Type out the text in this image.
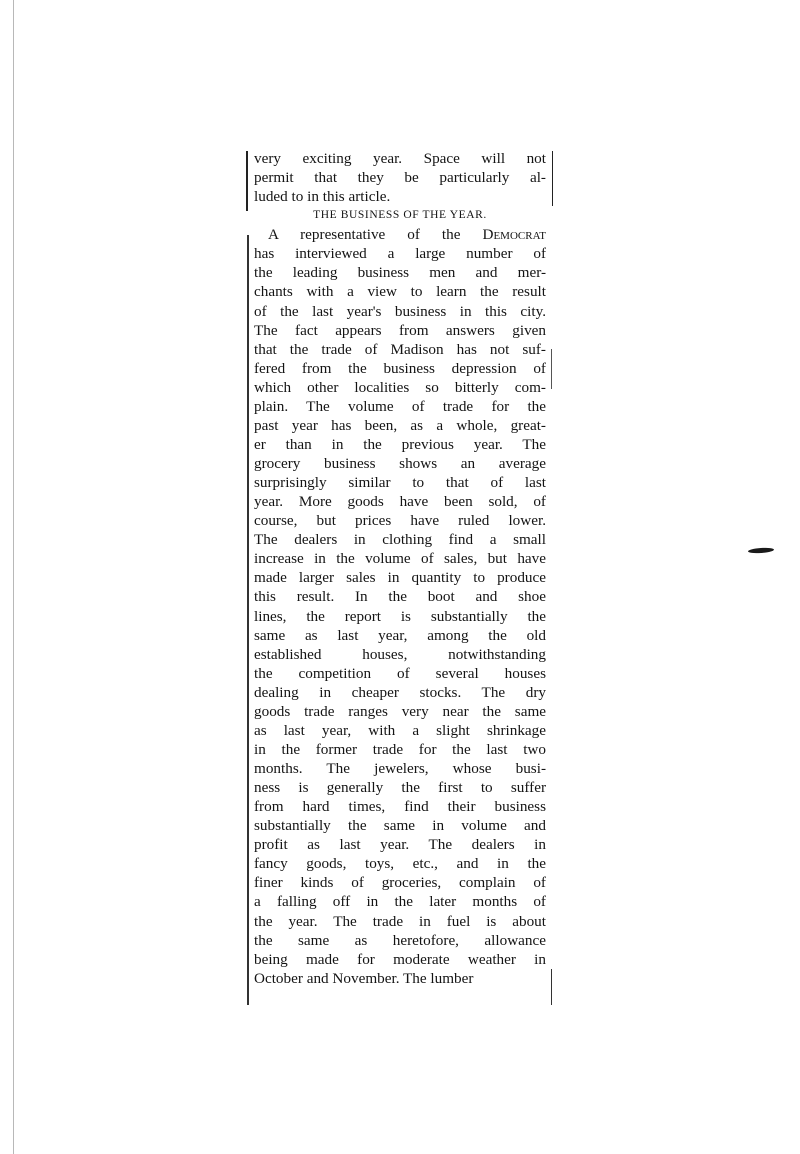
very exciting year. Space will not
permit that they be particularly al-
luded to in this article.
THE BUSINESS OF THE YEAR.
A representative of the Democrat
has interviewed a large number of
the leading business men and mer-
chants with a view to learn the result
of the last year's business in this city.
The fact appears from answers given
that the trade of Madison has not suf-
fered from the business depression of
which other localities so bitterly com-
plain. The volume of trade for the
past year has been, as a whole, great-
er than in the previous year. The
grocery business shows an average
surprisingly similar to that of last
year. More goods have been sold, of
course, but prices have ruled lower.
The dealers in clothing find a small
increase in the volume of sales, but have
made larger sales in quantity to produce
this result. In the boot and shoe
lines, the report is substantially the
same as last year, among the old
established houses, notwithstanding
the competition of several houses
dealing in cheaper stocks. The dry
goods trade ranges very near the same
as last year, with a slight shrinkage
in the former trade for the last two
months. The jewelers, whose busi-
ness is generally the first to suffer
from hard times, find their business
substantially the same in volume and
profit as last year. The dealers in
fancy goods, toys, etc., and in the
finer kinds of groceries, complain of
a falling off in the later months of
the year. The trade in fuel is about
the same as heretofore, allowance
being made for moderate weather in
October and November. The lumber
